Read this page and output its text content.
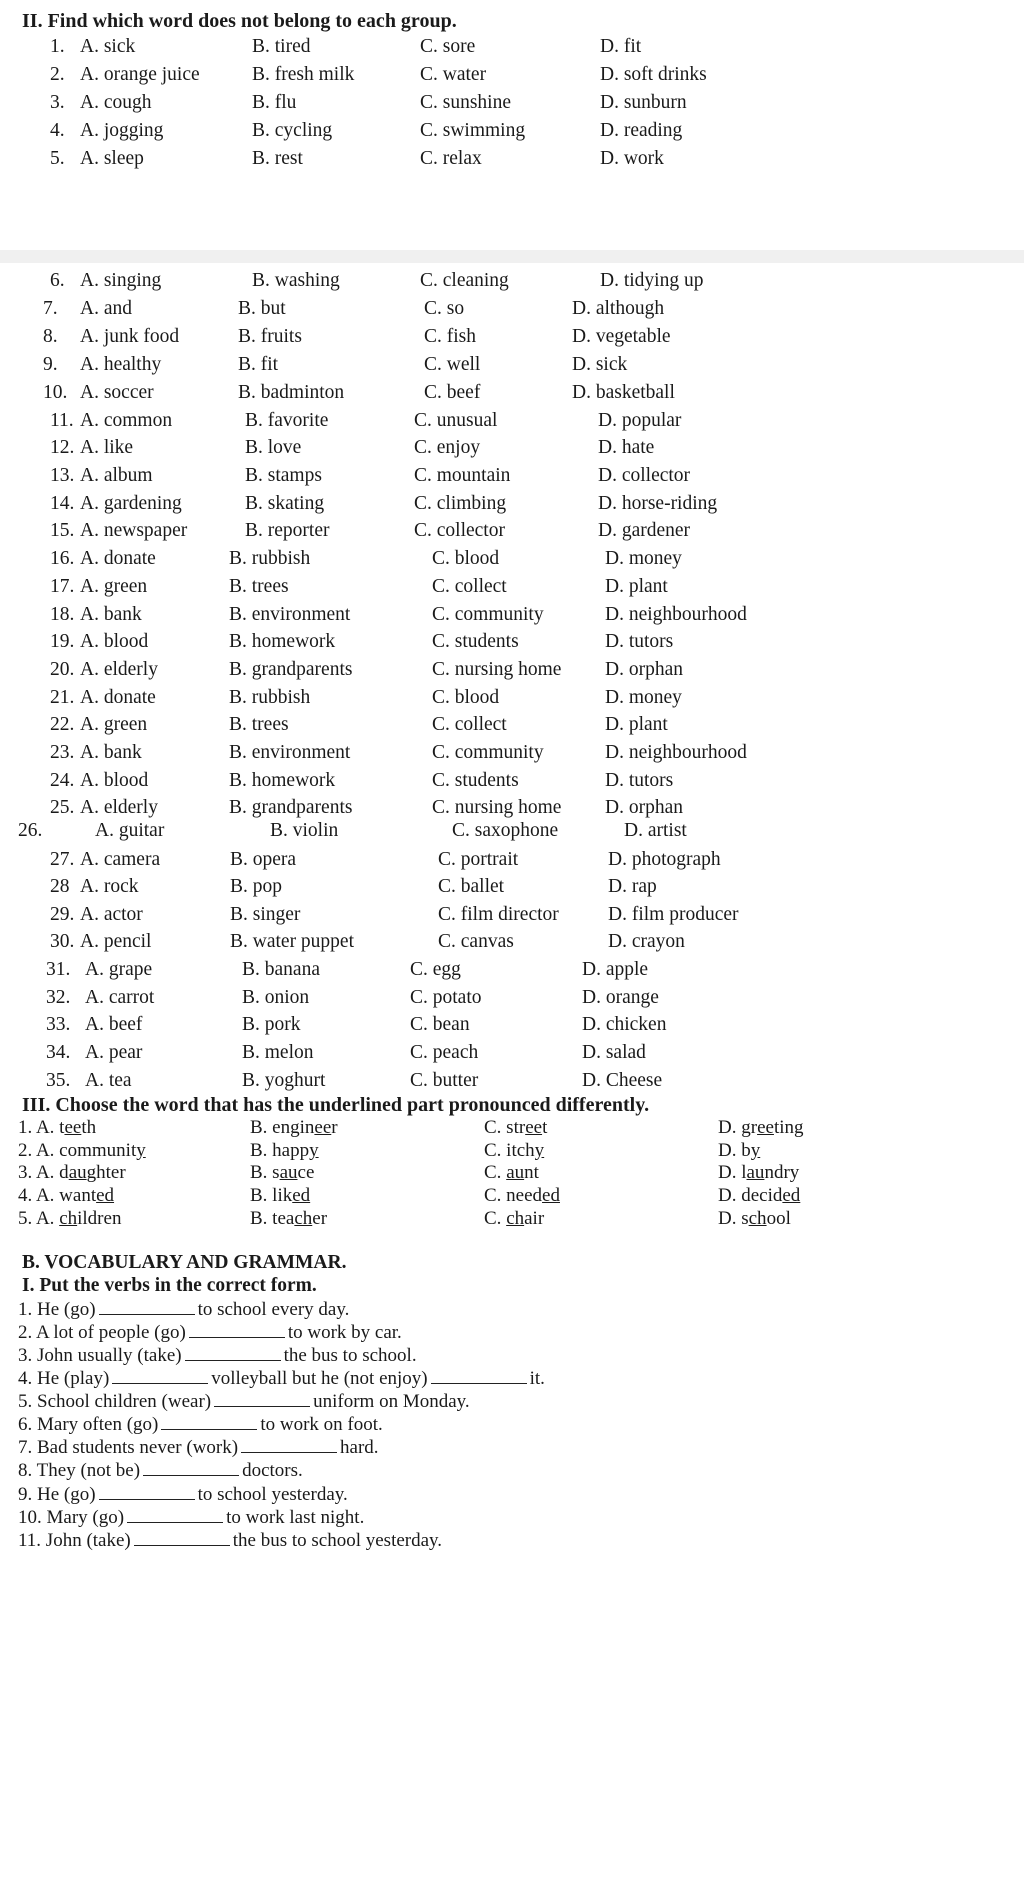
II. Find which word does not belong to each group.
1. A. sick	B. tired	C. sore	D. fit
2. A. orange juice	B. fresh milk	C. water	D. soft drinks
3. A. cough	B. flu	C. sunshine	D. sunburn
4. A. jogging	B. cycling	C. swimming	D. reading
5. A. sleep	B. rest	C. relax	D. work
6. A. singing	B. washing	C. cleaning	D. tidying up
7. A. and	B. but	C. so	D. although
8. A. junk food	B. fruits	C. fish	D. vegetable
9. A. healthy	B. fit	C. well	D. sick
10. A. soccer	B. badminton	C. beef	D. basketball
11. A. common	B. favorite	C. unusual	D. popular
12. A. like	B. love	C. enjoy	D. hate
13. A. album	B. stamps	C. mountain	D. collector
14. A. gardening	B. skating	C. climbing	D. horse-riding
15. A. newspaper	B. reporter	C. collector	D. gardener
16. A. donate	B. rubbish	C. blood	D. money
17. A. green	B. trees	C. collect	D. plant
18. A. bank	B. environment	C. community	D. neighbourhood
19. A. blood	B. homework	C. students	D. tutors
20. A. elderly	B. grandparents	C. nursing home D. orphan
21. A. donate	B. rubbish	C. blood	D. money
22. A. green	B. trees	C. collect	D. plant
23. A. bank	B. environment	C. community	D. neighbourhood
24. A. blood	B. homework	C. students	D. tutors
25. A. elderly	B. grandparents	C. nursing home D. orphan
26.	A. guitar	B. violin	C. saxophone	D. artist
27. A. camera	B. opera	C. portrait	D. photograph
28 A. rock	B. pop	C. ballet	D. rap
29. A. actor	B. singer	C. film director	D. film producer
30. A. pencil	B. water puppet	C. canvas	D. crayon
31. A. grape	B. banana	C. egg	D. apple
32. A. carrot	B. onion	C. potato	D. orange
33. A. beef	B. pork	C. bean	D. chicken
34. A. pear	B. melon	C. peach	D. salad
35. A. tea	B. yoghurt	C. butter	D. Cheese
III. Choose the word that has the underlined part pronounced differently.
1. A. teeth	B. engineer	C. street	D. greeting
2. A. community	B. happy	C. itchy	D. by
3. A. daughter	B. sauce	C. aunt	D. laundry
4. A. wanted	B. liked	C. needed	D. decided
5. A. children	B. teacher	C. chair	D. school
B. VOCABULARY AND GRAMMAR.
I. Put the verbs in the correct form.
1. He (go)	to school every day.
2. A lot of people (go)	to work by car.
3. John usually (take)	the bus to school.
4. He (play)	volleyball but he (not enjoy)	it.
5. School children (wear)	uniform on Monday.
6. Mary often (go)	to work on foot.
7. Bad students never (work)	hard.
8. They (not be)	doctors.
9. He (go)	to school yesterday.
10. Mary (go)	to work last night.
11. John (take)	the bus to school yesterday.
